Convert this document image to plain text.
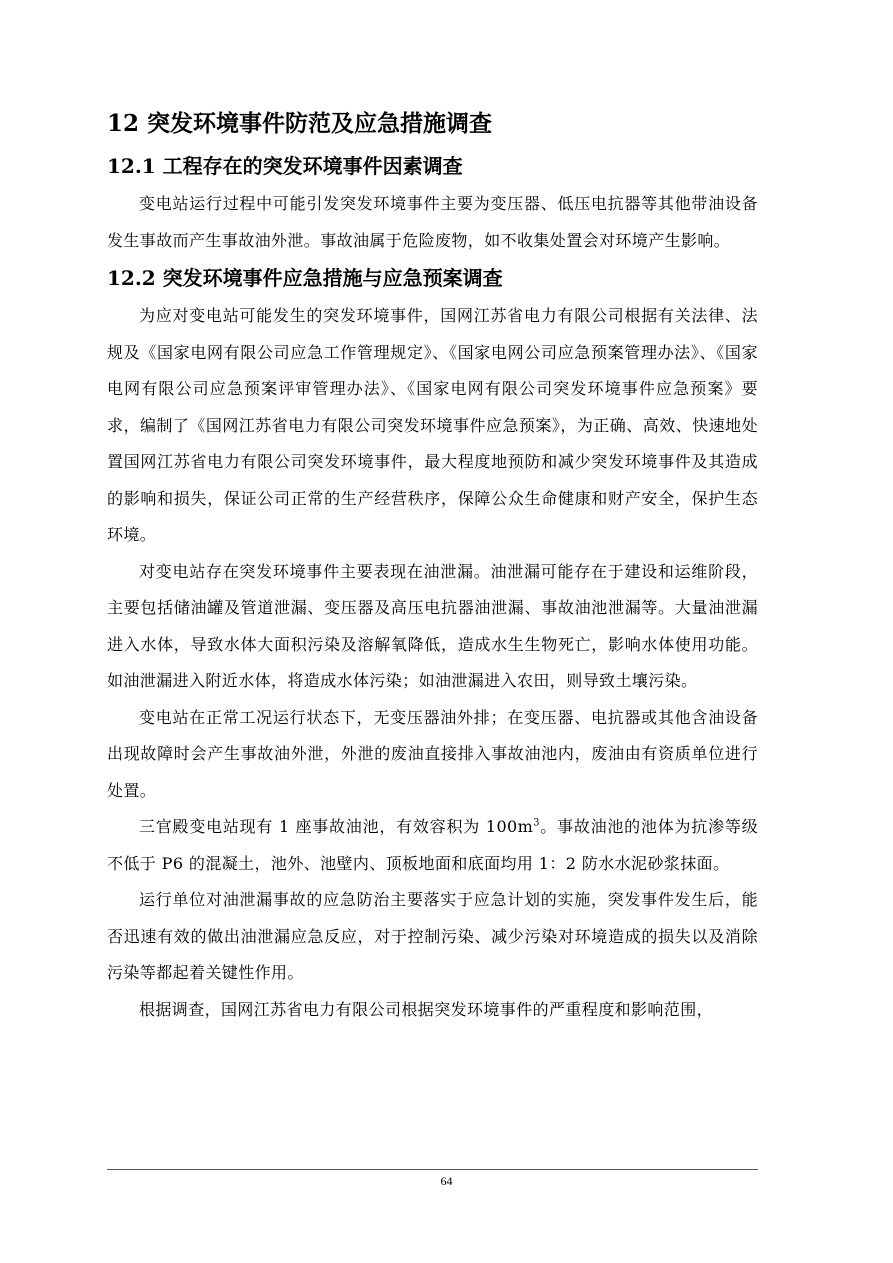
12 突发环境事件防范及应急措施调查
12.1 工程存在的突发环境事件因素调查

变电站运行过程中可能引发突发环境事件主要为变压器、低压电抗器等其他带油设备发生事故而产生事故油外泄。事故油属于危险废物，如不收集处置会对环境产生影响。

12.2 突发环境事件应急措施与应急预案调查

为应对变电站可能发生的突发环境事件，国网江苏省电力有限公司根据有关法律、法规及《国家电网有限公司应急工作管理规定》、《国家电网公司应急预案管理办法》、《国家电网有限公司应急预案评审管理办法》、《国家电网有限公司突发环境事件应急预案》要求，编制了《国网江苏省电力有限公司突发环境事件应急预案》，为正确、高效、快速地处置国网江苏省电力有限公司突发环境事件，最大程度地预防和减少突发环境事件及其造成的影响和损失，保证公司正常的生产经营秩序，保障公众生命健康和财产安全，保护生态环境。

对变电站存在突发环境事件主要表现在油泄漏。油泄漏可能存在于建设和运维阶段，主要包括储油罐及管道泄漏、变压器及高压电抗器油泄漏、事故油池泄漏等。大量油泄漏进入水体，导致水体大面积污染及溶解氧降低，造成水生生物死亡，影响水体使用功能。如油泄漏进入附近水体，将造成水体污染；如油泄漏进入农田，则导致土壤污染。

变电站在正常工况运行状态下，无变压器油外排；在变压器、电抗器或其他含油设备出现故障时会产生事故油外泄，外泄的废油直接排入事故油池内，废油由有资质单位进行处置。

三官殿变电站现有 1 座事故油池，有效容积为 $100m^3$。事故油池的池体为抗渗等级不低于 P6 的混凝土，池外、池壁内、顶板地面和底面均用 1：2 防水水泥砂浆抹面。

运行单位对油泄漏事故的应急防治主要落实于应急计划的实施，突发事件发生后，能否迅速有效的做出油泄漏应急反应，对于控制污染、减少污染对环境造成的损失以及消除污染等都起着关键性作用。

根据调查，国网江苏省电力有限公司根据突发环境事件的严重程度和影响范围，

64
